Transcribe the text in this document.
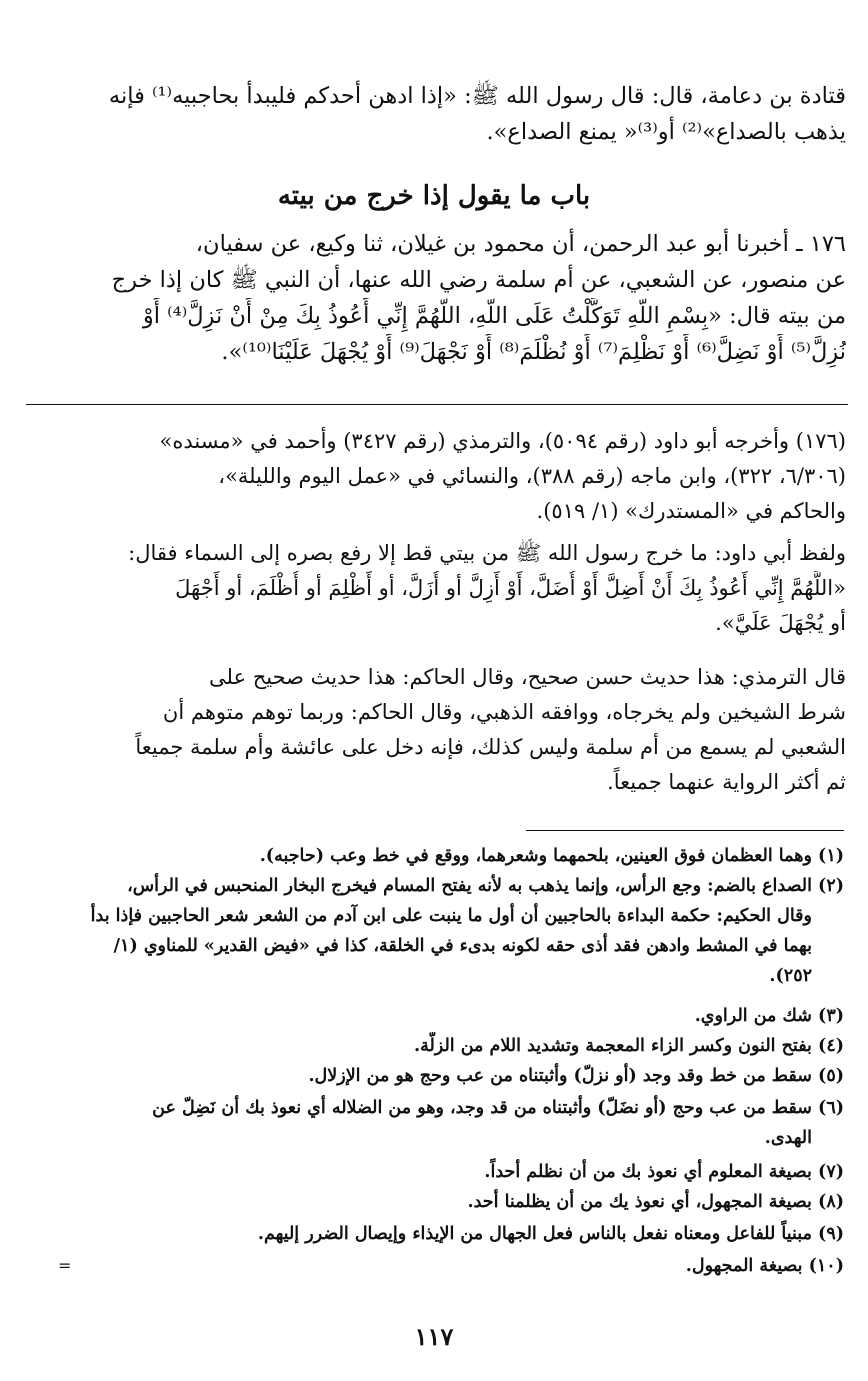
قتادة بن دعامة، قال: قال رسول الله ﷺ: «إذا ادهن أحدكم فليبدأ بحاجبيه⁽¹⁾ فإنه

يذهب بالصداع»⁽²⁾ أو⁽³⁾« يمنع الصداع».

باب ما يقول إذا خرج من بيته

١٧٦ ـ أخبرنا أبو عبد الرحمن، أن محمود بن غيلان، ثنا وكيع، عن سفيان،

عن منصور، عن الشعبي، عن أم سلمة رضي الله عنها، أن النبي ﷺ كان إذا خرج

من بيته قال: «بِسْمِ اللَّهِ تَوَكَّلْتُ عَلَى اللَّهِ، اللَّهُمَّ إِنِّي أَعُوذُ بِكَ مِنْ أَنْ نَزِلَّ⁽⁴⁾ أَوْ

نُزِلَّ⁽⁵⁾ أَوْ نَضِلَّ⁽⁶⁾ أَوْ نَظْلِمَ⁽⁷⁾ أَوْ نُظْلَمَ⁽⁸⁾ أَوْ نَجْهَلَ⁽⁹⁾ أَوْ يُجْهَلَ عَلَيْنَا⁽¹⁰⁾».

(١٧٦) وأخرجه أبو داود (رقم ٥٠٩٤)، والترمذي (رقم ٣٤٢٧) وأحمد في «مسنده»

(٦/٣٠٦، ٣٢٢)، وابن ماجه (رقم ٣٨٨)، والنسائي في «عمل اليوم والليلة»،

والحاكم في «المستدرك» (١/ ٥١٩).

ولفظ أبي داود: ما خرج رسول الله ﷺ من بيتي قط إلا رفع بصره إلى السماء فقال:

«اللَّهُمَّ إِنِّي أَعُوذُ بِكَ أَنْ أَضِلَّ أَوْ أُضَلَّ، أَوْ أَزِلَّ أو أُزَلَّ، أو أَظْلِمَ أو أُظْلَمَ، أو أَجْهَلَ

أو يُجْهَلَ عَلَيَّ».

قال الترمذي: هذا حديث حسن صحيح، وقال الحاكم: هذا حديث صحيح على

شرط الشيخين ولم يخرجاه، ووافقه الذهبي، وقال الحاكم: وربما توهم متوهم أن

الشعبي لم يسمع من أم سلمة وليس كذلك، فإنه دخل على عائشة وأم سلمة جميعاً

ثم أكثر الرواية عنهما جميعاً.

(١) وهما العظمان فوق العينين، بلحمهما وشعرهما، ووقع في خط وعب (حاجبه).

(٢) الصداع بالضم: وجع الرأس، وإنما يذهب به لأنه يفتح المسام فيخرج البخار المنحبس في الرأس،

وقال الحكيم: حكمة البداءة بالحاجبين أن أول ما ينبت على ابن آدم من الشعر شعر الحاجبين فإذا بدأ

بهما في المشط وادهن فقد أذى حقه لكونه بدىء في الخلقة، كذا في «فيض القدير» للمناوي (١/

٢٥٢).

(٣) شك من الراوي.

(٤) بفتح النون وكسر الزاء المعجمة وتشديد اللام من الزلّة.

(٥) سقط من خط وقد وجد (أو نزلّ) وأثبتناه من عب وحج هو من الإزلال.

(٦) سقط من عب وحج (أو نضَلّ) وأثبتناه من قد وجد، وهو من الضلاله أي نعوذ بك أن نَضِلّ عن

الهدى.

(٧) بصيغة المعلوم أي نعوذ بك من أن نظلم أحداً.

(٨) بصيغة المجهول، أي نعوذ يك من أن يظلمنا أحد.

(٩) مبنياً للفاعل ومعناه نفعل بالناس فعل الجهال من الإيذاء وإيصال الضرر إليهم.

(١٠) بصيغة المجهول.

=
١١٧
